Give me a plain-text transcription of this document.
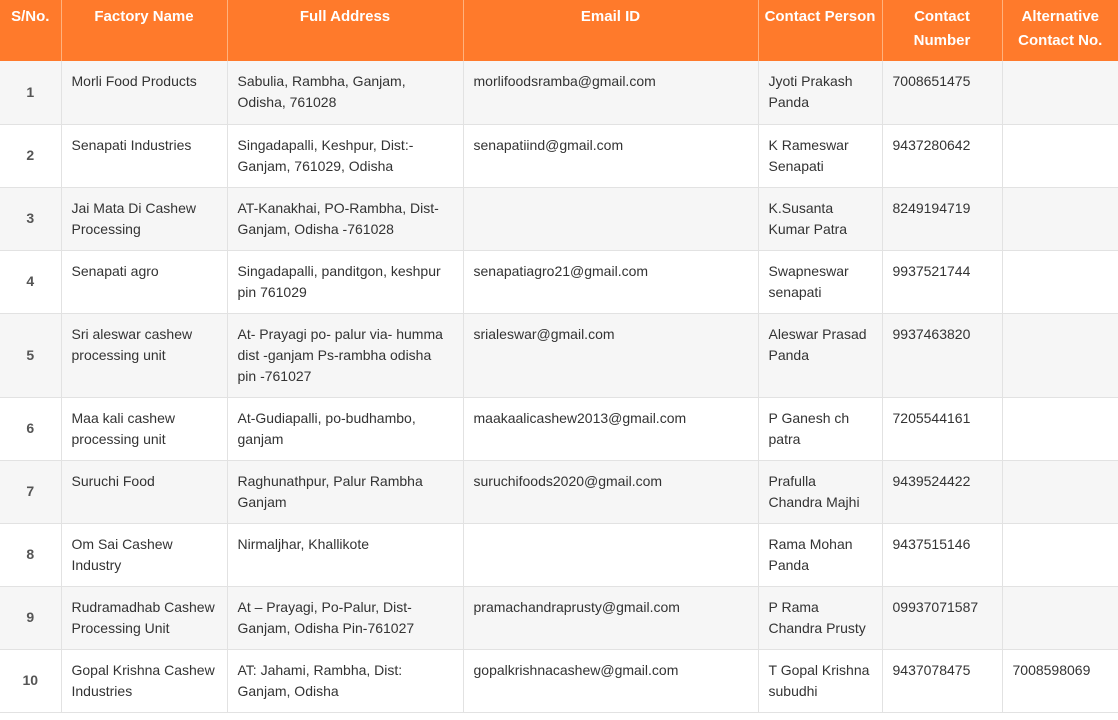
S/No.	Factory Name	Full Address	Email ID	Contact Person	Contact Number	Alternative Contact No.
1	Morli Food Products	Sabulia, Rambha, Ganjam, Odisha, 761028	morlifoodsramba@gmail.com	Jyoti Prakash Panda	7008651475	
2	Senapati Industries	Singadapalli, Keshpur, Dist:- Ganjam, 761029, Odisha	senapatiind@gmail.com	K Rameswar Senapati	9437280642	
3	Jai Mata Di Cashew Processing	AT-Kanakhai, PO-Rambha, Dist- Ganjam, Odisha -761028		K.Susanta Kumar Patra	8249194719	
4	Senapati agro	Singadapalli, panditgon, keshpur pin 761029	senapatiagro21@gmail.com	Swapneswar senapati	9937521744	
5	Sri aleswar cashew processing unit	At- Prayagi po- palur via- humma dist -ganjam Ps-rambha odisha pin -761027	srialeswar@gmail.com	Aleswar Prasad Panda	9937463820	
6	Maa kali cashew processing unit	At-Gudiapalli, po-budhambo, ganjam	maakaalicashew2013@gmail.com	P Ganesh ch patra	7205544161	
7	Suruchi Food	Raghunathpur, Palur Rambha Ganjam	suruchifoods2020@gmail.com	Prafulla Chandra Majhi	9439524422	
8	Om Sai Cashew Industry	Nirmaljhar, Khallikote		Rama Mohan Panda	9437515146	
9	Rudramadhab Cashew Processing Unit	At – Prayagi, Po-Palur, Dist- Ganjam, Odisha Pin-761027	pramachandraprusty@gmail.com	P Rama Chandra Prusty	09937071587	
10	Gopal Krishna Cashew Industries	AT: Jahami, Rambha, Dist: Ganjam, Odisha	gopalkrishnacashew@gmail.com	T Gopal Krishna subudhi	9437078475	7008598069
